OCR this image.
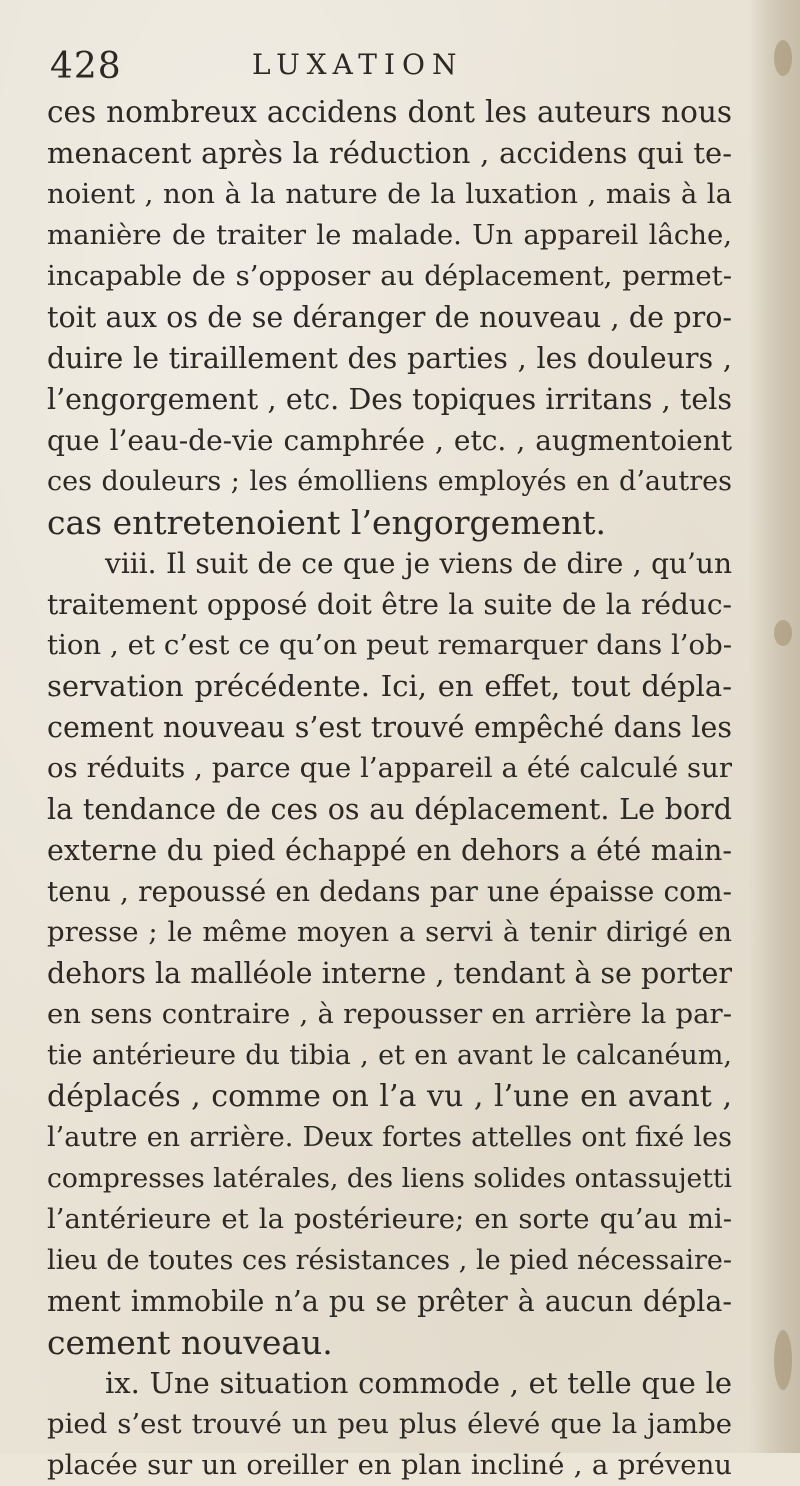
428	LUXATION
ces nombreux accidens dont les auteurs nous
menacent après la réduction , accidens qui te-
noient , non à la nature de la luxation , mais à la
manière de traiter le malade. Un appareil lâche,
incapable de s’opposer au déplacement, permet-
toit aux os de se déranger de nouveau , de pro-
duire le tiraillement des parties , les douleurs ,
l’engorgement , etc. Des topiques irritans , tels
que l’eau-de-vie camphrée , etc. , augmentoient
ces douleurs ; les émolliens employés en d’autres
cas entretenoient l’engorgement.
viii. Il suit de ce que je viens de dire , qu’un
traitement opposé doit être la suite de la réduc-
tion , et c’est ce qu’on peut remarquer dans l’ob-
servation précédente. Ici, en effet, tout dépla-
cement nouveau s’est trouvé empêché dans les
os réduits , parce que l’appareil a été calculé sur
la tendance de ces os au déplacement. Le bord
externe du pied échappé en dehors a été main-
tenu , repoussé en dedans par une épaisse com-
presse ; le même moyen a servi à tenir dirigé en
dehors la malléole interne , tendant à se porter
en sens contraire , à repousser en arrière la par-
tie antérieure du tibia , et en avant le calcanéum,
déplacés , comme on l’a vu , l’une en avant ,
l’autre en arrière. Deux fortes attelles ont fixé les
compresses latérales, des liens solides ontassujetti
l’antérieure et la postérieure; en sorte qu’au mi-
lieu de toutes ces résistances , le pied nécessaire-
ment immobile n’a pu se prêter à aucun dépla-
cement nouveau.
ix. Une situation commode , et telle que le
pied s’est trouvé un peu plus élevé que la jambe
placée sur un oreiller en plan incliné , a prévenu
